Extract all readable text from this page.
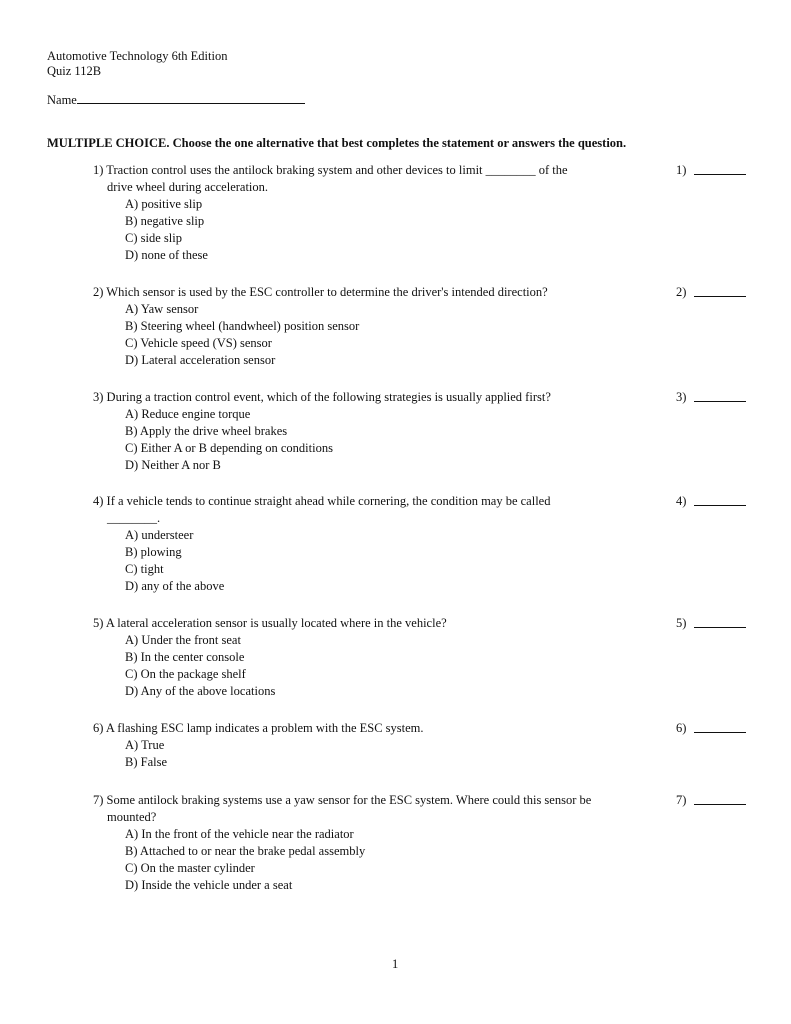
Automotive Technology 6th Edition
Quiz 112B
Name
MULTIPLE CHOICE. Choose the one alternative that best completes the statement or answers the question.
1) Traction control uses the antilock braking system and other devices to limit ________ of the
drive wheel during acceleration.
A) positive slip
B) negative slip
C) side slip
D) none of these
1)
2) Which sensor is used by the ESC controller to determine the driver's intended direction?
A) Yaw sensor
B) Steering wheel (handwheel) position sensor
C) Vehicle speed (VS) sensor
D) Lateral acceleration sensor
2)
3) During a traction control event, which of the following strategies is usually applied first?
A) Reduce engine torque
B) Apply the drive wheel brakes
C) Either A or B depending on conditions
D) Neither A nor B
3)
4) If a vehicle tends to continue straight ahead while cornering, the condition may be called
________.
A) understeer
B) plowing
C) tight
D) any of the above
4)
5) A lateral acceleration sensor is usually located where in the vehicle?
A) Under the front seat
B) In the center console
C) On the package shelf
D) Any of the above locations
5)
6) A flashing ESC lamp indicates a problem with the ESC system.
A) True
B) False
6)
7) Some antilock braking systems use a yaw sensor for the ESC system. Where could this sensor be
mounted?
A) In the front of the vehicle near the radiator
B) Attached to or near the brake pedal assembly
C) On the master cylinder
D) Inside the vehicle under a seat
7)
1
